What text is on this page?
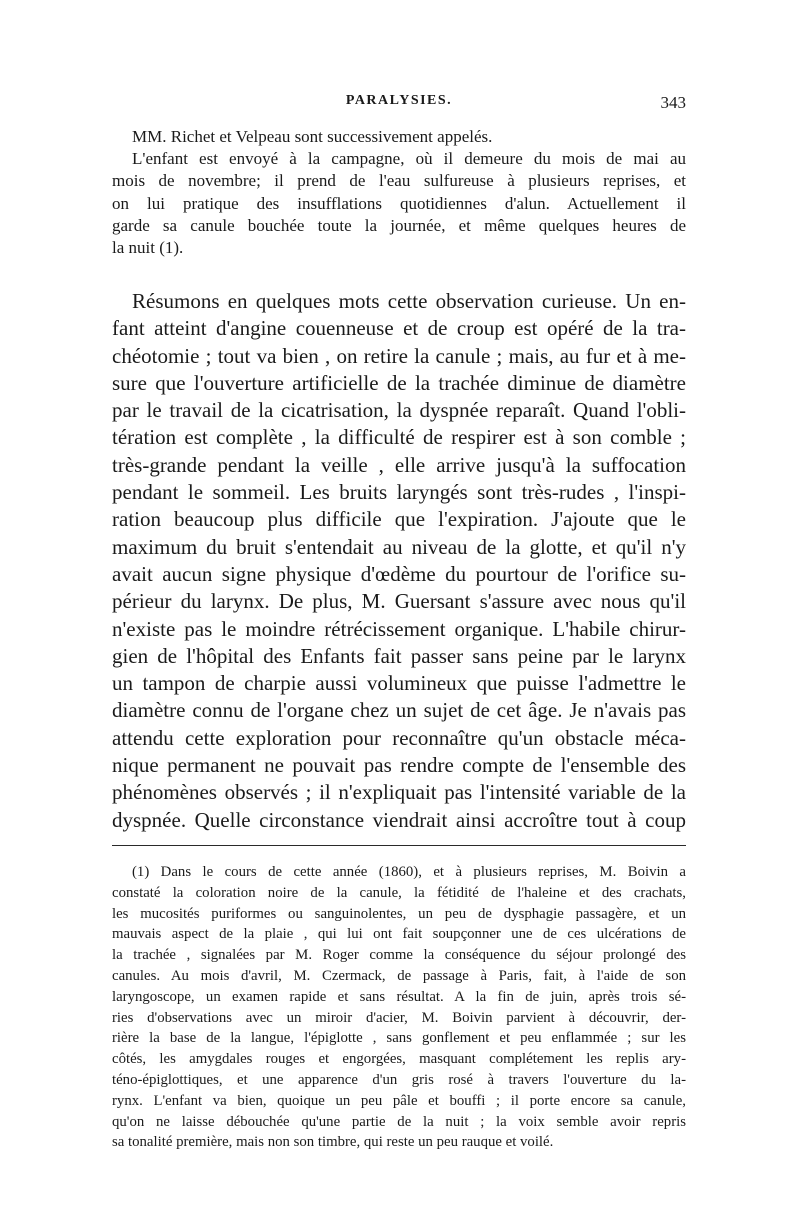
PARALYSIES.	343
MM. Richet et Velpeau sont successivement appelés.
L'enfant est envoyé à la campagne, où il demeure du mois de mai au
mois de novembre; il prend de l'eau sulfureuse à plusieurs reprises, et
on lui pratique des insufflations quotidiennes d'alun. Actuellement il
garde sa canule bouchée toute la journée, et même quelques heures de
la nuit (1).
Résumons en quelques mots cette observation curieuse. Un en-
fant atteint d'angine couenneuse et de croup est opéré de la tra-
chéotomie ; tout va bien , on retire la canule ; mais, au fur et à me-
sure que l'ouverture artificielle de la trachée diminue de diamètre
par le travail de la cicatrisation, la dyspnée reparaît. Quand l'obli-
tération est complète , la difficulté de respirer est à son comble ;
très-grande pendant la veille , elle arrive jusqu'à la suffocation
pendant le sommeil. Les bruits laryngés sont très-rudes , l'inspi-
ration beaucoup plus difficile que l'expiration. J'ajoute que le
maximum du bruit s'entendait au niveau de la glotte, et qu'il n'y
avait aucun signe physique d'œdème du pourtour de l'orifice su-
périeur du larynx. De plus, M. Guersant s'assure avec nous qu'il
n'existe pas le moindre rétrécissement organique. L'habile chirur-
gien de l'hôpital des Enfants fait passer sans peine par le larynx
un tampon de charpie aussi volumineux que puisse l'admettre le
diamètre connu de l'organe chez un sujet de cet âge. Je n'avais pas
attendu cette exploration pour reconnaître qu'un obstacle méca-
nique permanent ne pouvait pas rendre compte de l'ensemble des
phénomènes observés ; il n'expliquait pas l'intensité variable de la
dyspnée. Quelle circonstance viendrait ainsi accroître tout à coup
(1) Dans le cours de cette année (1860), et à plusieurs reprises, M. Boivin a
constaté la coloration noire de la canule, la fétidité de l'haleine et des crachats,
les mucosités puriformes ou sanguinolentes, un peu de dysphagie passagère, et un
mauvais aspect de la plaie , qui lui ont fait soupçonner une de ces ulcérations de
la trachée , signalées par M. Roger comme la conséquence du séjour prolongé des
canules. Au mois d'avril, M. Czermack, de passage à Paris, fait, à l'aide de son
laryngoscope, un examen rapide et sans résultat. A la fin de juin, après trois sé-
ries d'observations avec un miroir d'acier, M. Boivin parvient à découvrir, der-
rière la base de la langue, l'épiglotte , sans gonflement et peu enflammée ; sur les
côtés, les amygdales rouges et engorgées, masquant complétement les replis ary-
téno-épiglottiques, et une apparence d'un gris rosé à travers l'ouverture du la-
rynx. L'enfant va bien, quoique un peu pâle et bouffi ; il porte encore sa canule,
qu'on ne laisse débouchée qu'une partie de la nuit ; la voix semble avoir repris
sa tonalité première, mais non son timbre, qui reste un peu rauque et voilé.
